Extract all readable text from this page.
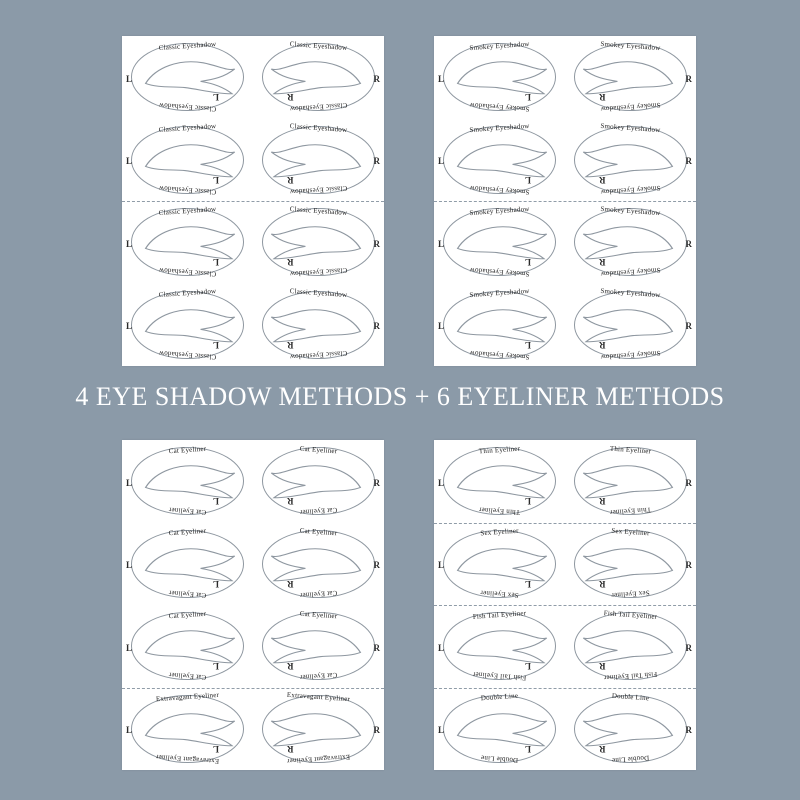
L
L
Classic Eyeshadow
Classic Eyeshadow
R
R
Classic Eyeshadow
Classic Eyeshadow
L
L
Classic Eyeshadow
Classic Eyeshadow
R
R
Classic Eyeshadow
Classic Eyeshadow
L
L
Classic Eyeshadow
Classic Eyeshadow
R
R
Classic Eyeshadow
Classic Eyeshadow
L
L
Classic Eyeshadow
Classic Eyeshadow
R
R
Classic Eyeshadow
Classic Eyeshadow
L
L
Smokey Eyeshadow
Smokey Eyeshadow
R
R
Smokey Eyeshadow
Smokey Eyeshadow
L
L
Smokey Eyeshadow
Smokey Eyeshadow
R
R
Smokey Eyeshadow
Smokey Eyeshadow
L
L
Smokey Eyeshadow
Smokey Eyeshadow
R
R
Smokey Eyeshadow
Smokey Eyeshadow
L
L
Smokey Eyeshadow
Smokey Eyeshadow
R
R
Smokey Eyeshadow
Smokey Eyeshadow
L
L
Cat Eyeliner
Cat Eyeliner
R
R
Cat Eyeliner
Cat Eyeliner
L
L
Cat Eyeliner
Cat Eyeliner
R
R
Cat Eyeliner
Cat Eyeliner
L
L
Cat Eyeliner
Cat Eyeliner
R
R
Cat Eyeliner
Cat Eyeliner
L
L
Extravagant Eyeliner
Extravagant Eyeliner
R
R
Extravagant Eyeliner
Extravagant Eyeliner
L
L
Thin Eyeliner
Thin Eyeliner
R
R
Thin Eyeliner
Thin Eyeliner
L
L
Sex Eyeliner
Sex Eyeliner
R
R
Sex Eyeliner
Sex Eyeliner
L
L
Fish Tail Eyeliner
Fish Tail Eyeliner
R
R
Fish Tail Eyeliner
Fish Tail Eyeliner
L
L
Double Line
Double Line
R
R
Double Line
Double Line
4 EYE SHADOW METHODS + 6 EYELINER METHODS
